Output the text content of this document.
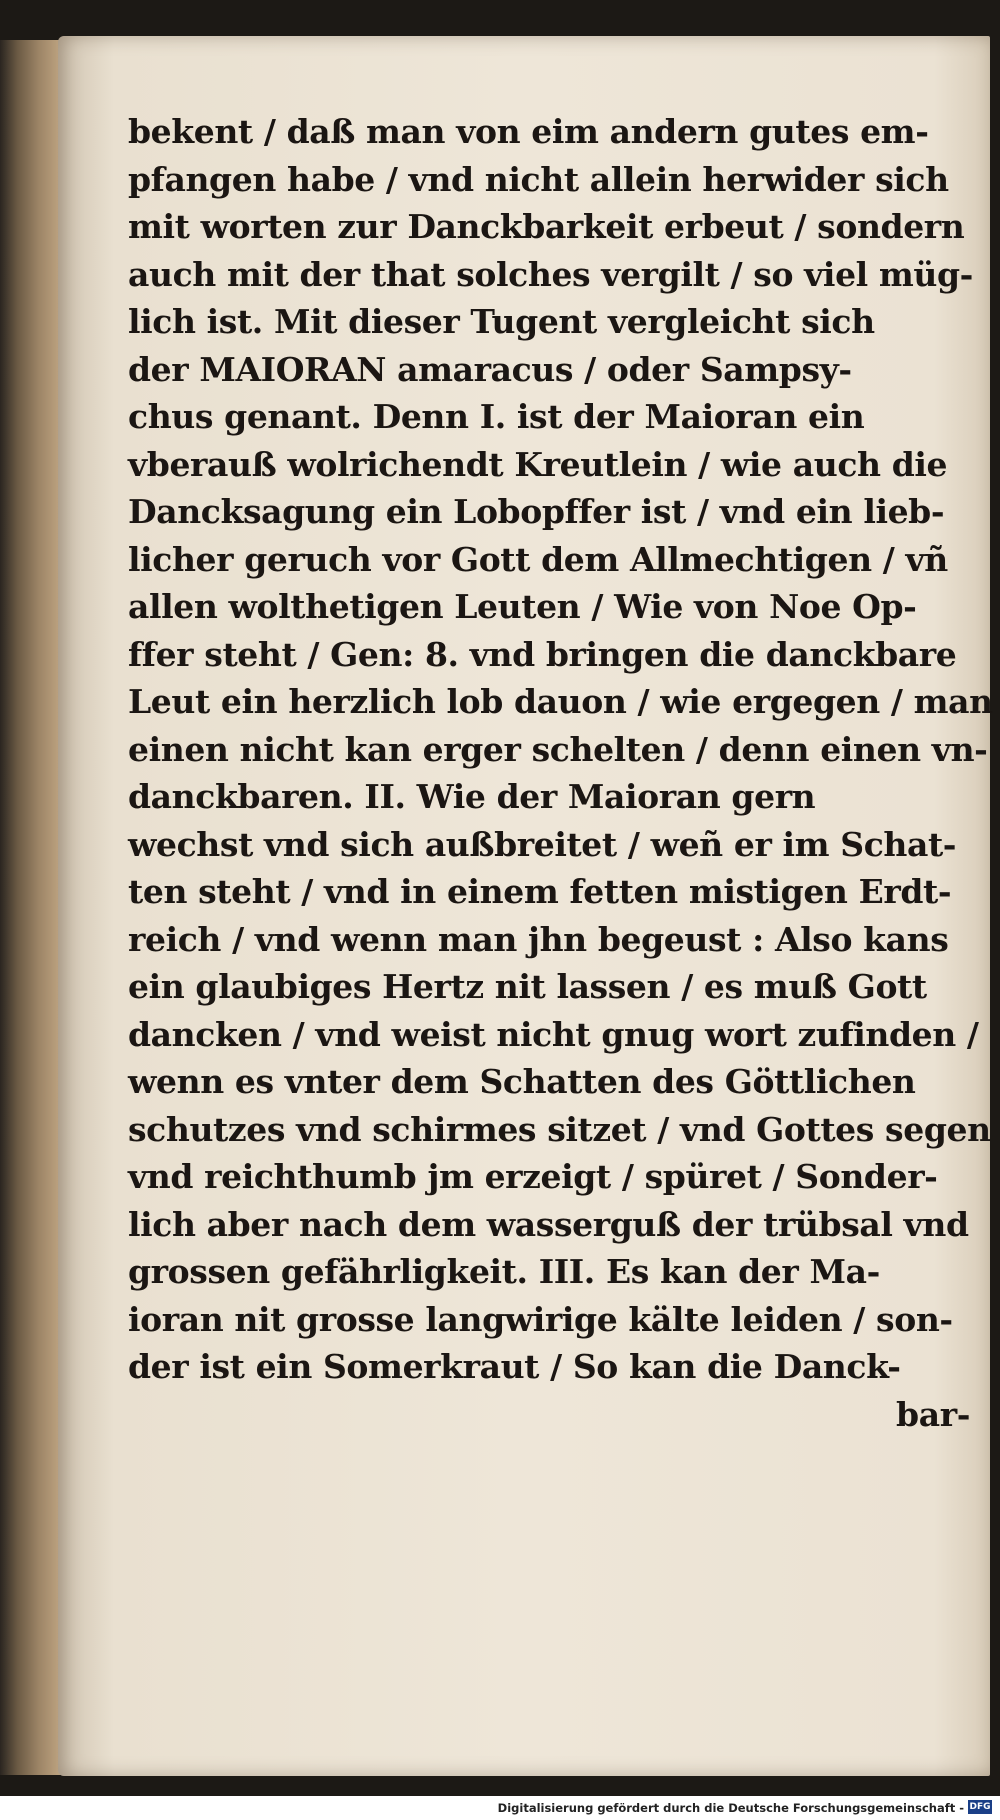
bekent / daß man von eim andern gutes em-
pfangen habe / vnd nicht allein herwider sich
mit worten zur Danckbarkeit erbeut / sondern
auch mit der that solches vergilt / so viel müg-
lich ist. Mit dieser Tugent vergleicht sich
der MAIORAN amaracus / oder Sampsy-
chus genant. Denn I. ist der Maioran ein
vberauß wolrichendt Kreutlein / wie auch die
Dancksagung ein Lobopffer ist / vnd ein lieb-
licher geruch vor Gott dem Allmechtigen / vñ
allen wolthetigen Leuten / Wie von Noe Op-
ffer steht / Gen: 8. vnd bringen die danckbare
Leut ein herzlich lob dauon / wie ergegen / man
einen nicht kan erger schelten / denn einen vn-
danckbaren. II. Wie der Maioran gern
wechst vnd sich außbreitet / weñ er im Schat-
ten steht / vnd in einem fetten mistigen Erdt-
reich / vnd wenn man jhn begeust : Also kans
ein glaubiges Hertz nit lassen / es muß Gott
dancken / vnd weist nicht gnug wort zufinden /
wenn es vnter dem Schatten des Göttlichen
schutzes vnd schirmes sitzet / vnd Gottes segen
vnd reichthumb jm erzeigt / spüret / Sonder-
lich aber nach dem wasserguß der trübsal vnd
grossen gefährligkeit. III. Es kan der Ma-
ioran nit grosse langwirige kälte leiden / son-
der ist ein Somerkraut / So kan die Danck-
bar-
Digitalisierung gefördert durch die Deutsche Forschungsgemeinschaft - DFG
